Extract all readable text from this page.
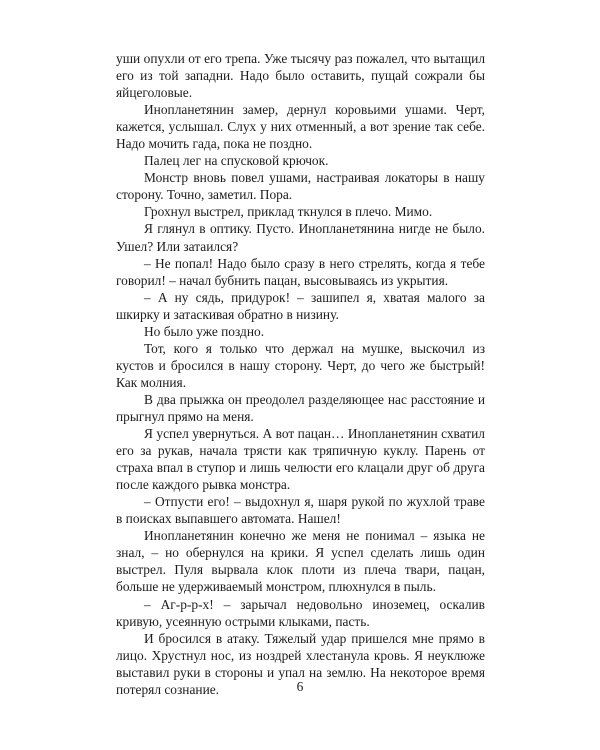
уши опухли от его трепа. Уже тысячу раз пожалел, что вытащил его из той западни. Надо было оставить, пущай сожрали бы яйцеголовые.

Инопланетянин замер, дернул коровьими ушами. Черт, кажется, услышал. Слух у них отменный, а вот зрение так себе. Надо мочить гада, пока не поздно.

Палец лег на спусковой крючок.

Монстр вновь повел ушами, настраивая локаторы в нашу сторону. Точно, заметил. Пора.

Грохнул выстрел, приклад ткнулся в плечо. Мимо.

Я глянул в оптику. Пусто. Инопланетянина нигде не было. Ушел? Или затаился?

– Не попал! Надо было сразу в него стрелять, когда я тебе говорил! – начал бубнить пацан, высовываясь из укрытия.

– А ну сядь, придурок! – зашипел я, хватая малого за шкирку и затаскивая обратно в низину.

Но было уже поздно.

Тот, кого я только что держал на мушке, выскочил из кустов и бросился в нашу сторону. Черт, до чего же быстрый! Как молния.

В два прыжка он преодолел разделяющее нас расстояние и прыгнул прямо на меня.

Я успел увернуться. А вот пацан… Инопланетянин схватил его за рукав, начала трясти как тряпичную куклу. Парень от страха впал в ступор и лишь челюсти его клацали друг об друга после каждого рывка монстра.

– Отпусти его! – выдохнул я, шаря рукой по жухлой траве в поисках выпавшего автомата. Нашел!

Инопланетянин конечно же меня не понимал – языка не знал, – но обернулся на крики. Я успел сделать лишь один выстрел. Пуля вырвала клок плоти из плеча твари, пацан, больше не удерживаемый монстром, плюхнулся в пыль.

– Аг-р-р-х! – зарычал недовольно иноземец, оскалив кривую, усеянную острыми клыками, пасть.

И бросился в атаку. Тяжелый удар пришелся мне прямо в лицо. Хрустнул нос, из ноздрей хлестанула кровь. Я неуклюже выставил руки в стороны и упал на землю. На некоторое время потерял сознание.	6
